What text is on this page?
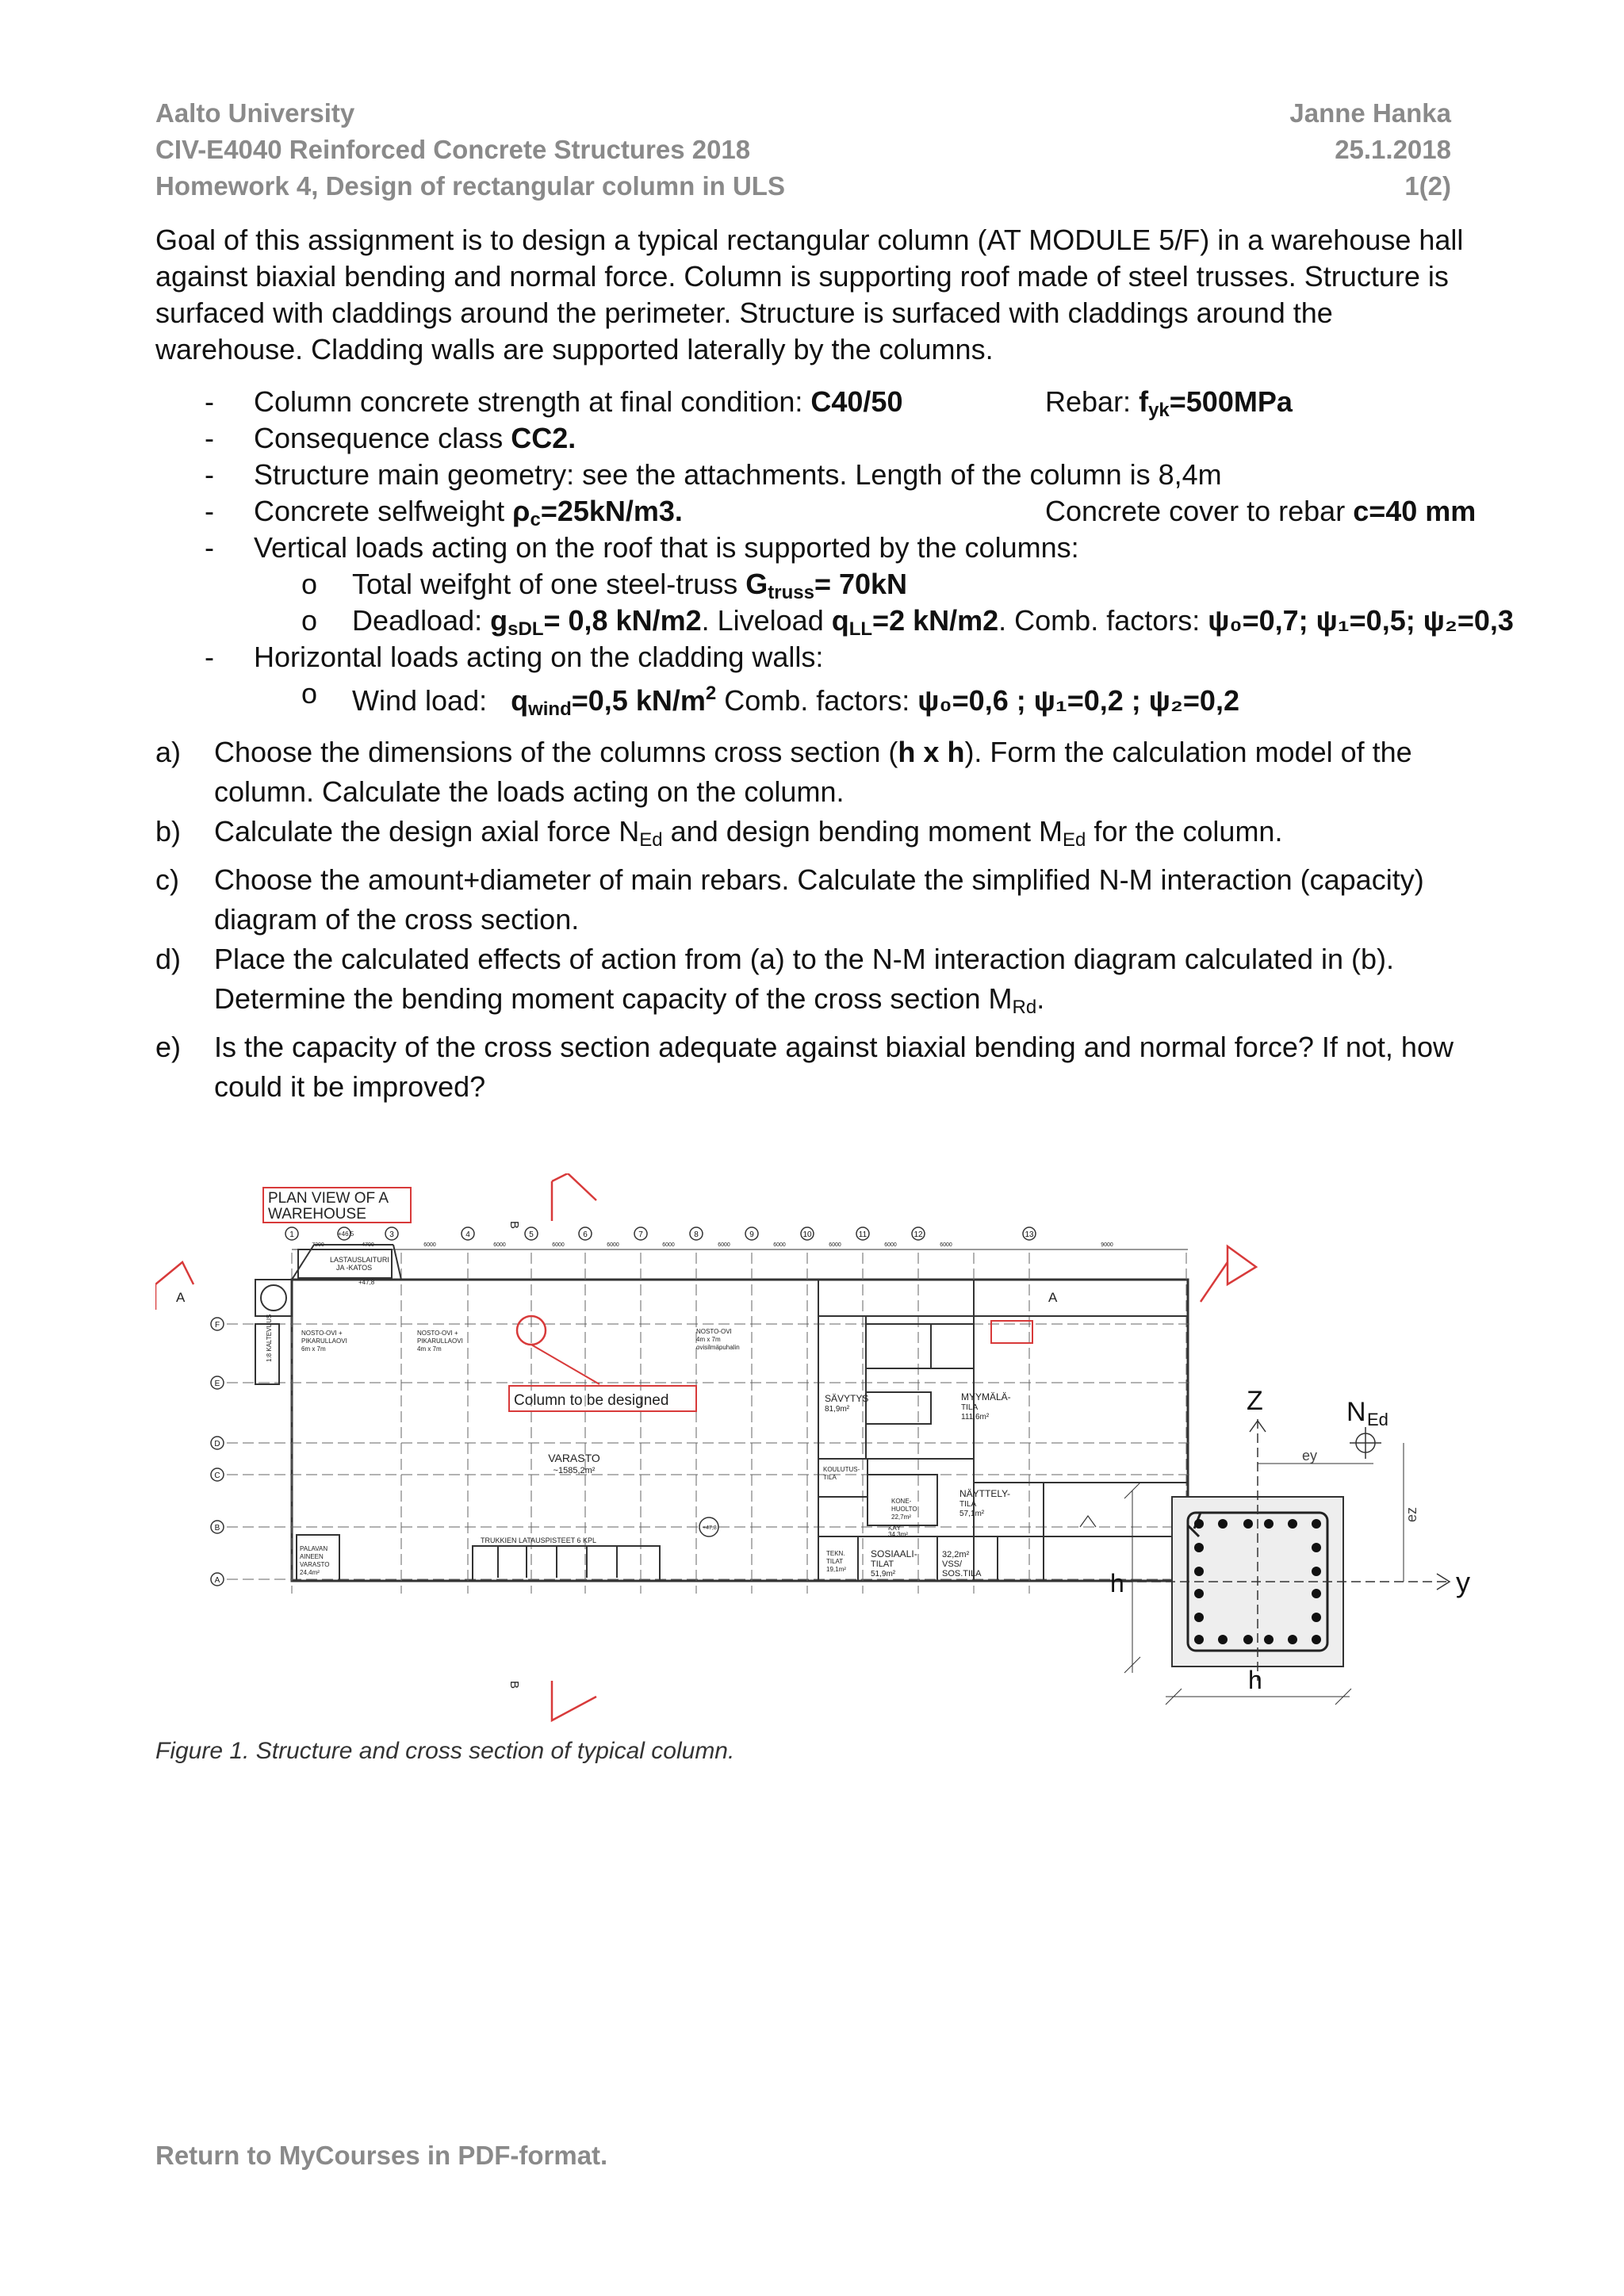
Aalto University
CIV-E4040 Reinforced Concrete Structures 2018
Homework 4, Design of rectangular column in ULS
Janne Hanka
25.1.2018
1(2)
Goal of this assignment is to design a typical rectangular column (AT MODULE 5/F) in a warehouse hall against biaxial bending and normal force. Column is supporting roof made of steel trusses. Structure is surfaced with claddings around the perimeter. Structure is surfaced with claddings around the warehouse. Cladding walls are supported laterally by the columns.
- Column concrete strength at final condition: C40/50	Rebar: fyk=500MPa
- Consequence class CC2.
- Structure main geometry: see the attachments. Length of the column is 8,4m
- Concrete selfweight ρc=25kN/m3.	Concrete cover to rebar c=40 mm
- Vertical loads acting on the roof that is supported by the columns:
o Total weifght of one steel-truss Gtruss= 70kN
o Deadload: gsDL= 0,8 kN/m2. Liveload qLL=2 kN/m2. Comb. factors: ψ₀=0,7; ψ₁=0,5; ψ₂=0,3
- Horizontal loads acting on the cladding walls:
o Wind load:   qwind=0,5 $kN/m^2$ Comb. factors: ψ₀=0,6 ; ψ₁=0,2 ; ψ₂=0,2
a) Choose the dimensions of the columns cross section (h x h). Form the calculation model of the column. Calculate the loads acting on the column.
b) Calculate the design axial force NEd and design bending moment MEd for the column.
c) Choose the amount+diameter of main rebars. Calculate the simplified N-M interaction (capacity) diagram of the cross section.
d) Place the calculated effects of action from (a) to the N-M interaction diagram calculated in (b). Determine the bending moment capacity of the cross section MRd.
e) Is the capacity of the cross section adequate against biaxial bending and normal force? If not, how could it be improved?
PLAN VIEW OF A
WAREHOUSE
Column to be designed
A	A
B
B
VARASTO
~1585,2m²
SÄVYTYS
81,9m²
MYYMÄLÄ-
TILA
111,6m²
NÄYTTELY-
TILA
57,1m²
SOSIAALI-
TILAT
51,9m²
32,2m²
VSS/
SOS.TILA
KOULUTUS-
TILA
KONE-
HUOLTO
22,7m²
PALAVAN
AINEEN
VARASTO
24,4m²
TEKN.
TILAT
19,1m²
KÄY
34,3m²
NOSTO-OVI +
PIKARULLAOVI
6m x 7m
NOSTO-OVI +
PIKARULLAOVI
4m x 7m
NOSTO-OVI
4m x 7m
ovisilmäpuhalin
LASTAUSLAITURI
JA -KATOS
TRUKKIEN LATAUSPISTEET 6 KPL
+47,8
+47,8
+46,5
1:8 KALTEVUUS
1	3	4	5	6	7	8	9	10	11	12	13
F
E
D
C
B
A
7200	4700	6000	6000	6000	6000	6000	6000	6000	6000	6000	6000	9000
Z
y
N Ed
ey
ez
h
h
Figure 1. Structure and cross section of typical column.
Return to MyCourses in PDF-format.
